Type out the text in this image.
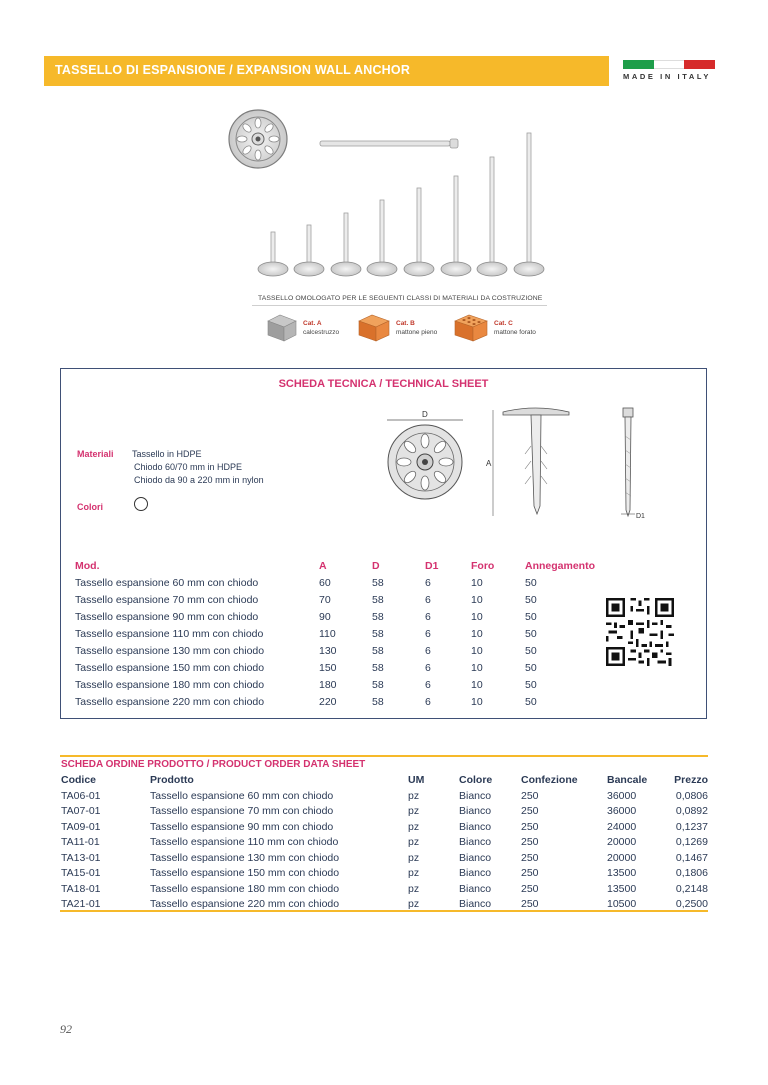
TASSELLO DI ESPANSIONE / EXPANSION WALL ANCHOR	MADE IN ITALY
TASSELLO OMOLOGATO PER LE SEGUENTI CLASSI DI MATERIALI DA COSTRUZIONE
Cat. A
calcestruzzo
Cat. B
mattone pieno
Cat. C
mattone forato
SCHEDA TECNICA / TECHNICAL SHEET
Materiali Tassello in HDPE
Chiodo 60/70 mm in HDPE
Chiodo da 90 a 220 mm in nylon
Colori
D
A
D1
Mod.	A	D	D1	Foro	Annegamento
Tassello espansione 60 mm con chiodo	60	58	6	10	50
Tassello espansione 70 mm con chiodo	70	58	6	10	50
Tassello espansione 90 mm con chiodo	90	58	6	10	50
Tassello espansione 110 mm con chiodo	110	58	6	10	50
Tassello espansione 130 mm con chiodo	130	58	6	10	50
Tassello espansione 150 mm con chiodo	150	58	6	10	50
Tassello espansione 180 mm con chiodo	180	58	6	10	50
Tassello espansione 220 mm con chiodo	220	58	6	10	50
SCHEDA ORDINE PRODOTTO / PRODUCT ORDER DATA SHEET
Codice	Prodotto	UM	Colore	Confezione	Bancale	Prezzo
TA06-01	Tassello espansione 60 mm con chiodo	pz	Bianco	250	36000	0,0806
TA07-01	Tassello espansione 70 mm con chiodo	pz	Bianco	250	36000	0,0892
TA09-01	Tassello espansione 90 mm con chiodo	pz	Bianco	250	24000	0,1237
TA11-01	Tassello espansione 110 mm con chiodo	pz	Bianco	250	20000	0,1269
TA13-01	Tassello espansione 130 mm con chiodo	pz	Bianco	250	20000	0,1467
TA15-01	Tassello espansione 150 mm con chiodo	pz	Bianco	250	13500	0,1806
TA18-01	Tassello espansione 180 mm con chiodo	pz	Bianco	250	13500	0,2148
TA21-01	Tassello espansione 220 mm con chiodo	pz	Bianco	250	10500	0,2500
92
